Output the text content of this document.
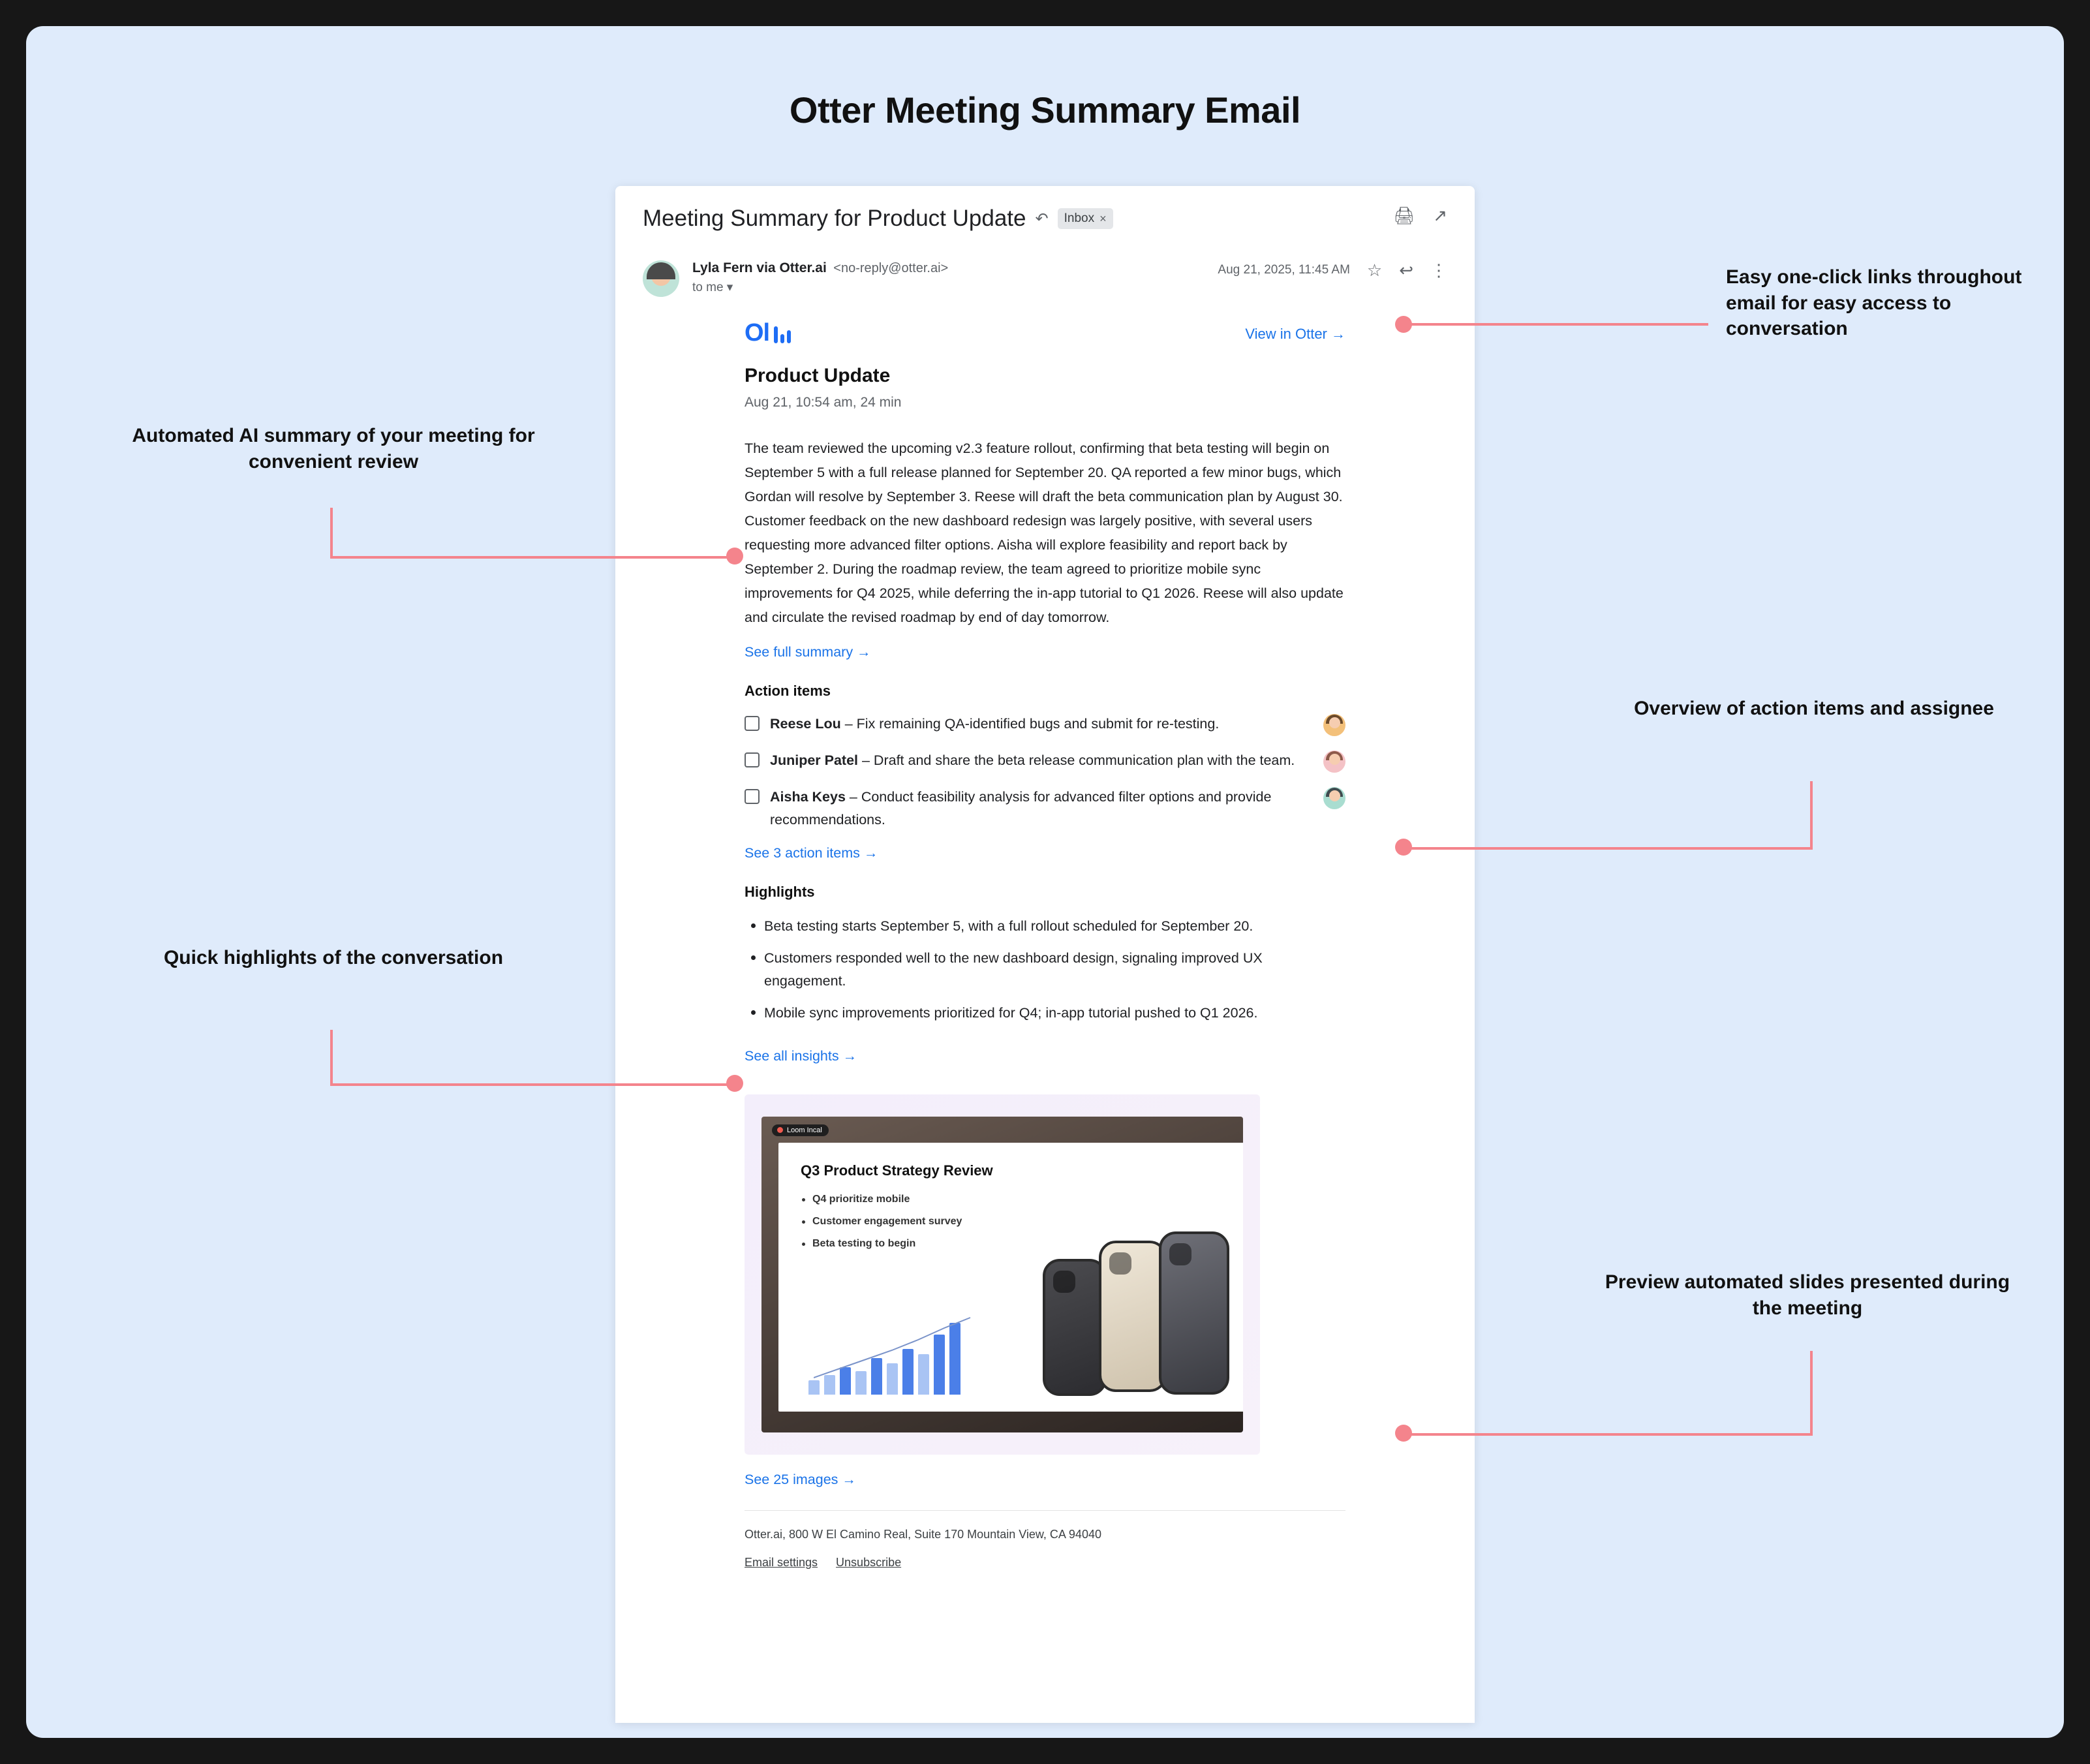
Otter Meeting Summary Email
Meeting Summary for Product Update ↶ Inbox ×	🖨 ↗
Lyla Fern via Otter.ai <no-reply@otter.ai>
to me ▾
Aug 21, 2025, 11:45 AM ☆ ↩ ⋮
Ol	View in Otter →
Product Update
Aug 21, 10:54 am, 24 min
The team reviewed the upcoming v2.3 feature rollout, confirming that beta testing will begin on September 5 with a full release planned for September 20. QA reported a few minor bugs, which Gordan will resolve by September 3. Reese will draft the beta communication plan by August 30. Customer feedback on the new dashboard redesign was largely positive, with several users requesting more advanced filter options. Aisha will explore feasibility and report back by September 2. During the roadmap review, the team agreed to prioritize mobile sync improvements for Q4 2025, while deferring the in-app tutorial to Q1 2026. Reese will also update and circulate the revised roadmap by end of day tomorrow.
See full summary →
Action items
Reese Lou – Fix remaining QA-identified bugs and submit for re-testing.
Juniper Patel – Draft and share the beta release communication plan with the team.
Aisha Keys – Conduct feasibility analysis for advanced filter options and provide recommendations.
See 3 action items →
Highlights
Beta testing starts September 5, with a full rollout scheduled for September 20.
Customers responded well to the new dashboard design, signaling improved UX engagement.
Mobile sync improvements prioritized for Q4; in-app tutorial pushed to Q1 2026.
See all insights →
Loom Incal
Q3 Product Strategy Review
Q4 prioritize mobile
Customer engagement survey
Beta testing to begin
See 25 images →
Otter.ai, 800 W El Camino Real, Suite 170 Mountain View, CA 94040
Email settings Unsubscribe
Easy one-click links throughout email for easy access to conversation
Automated AI summary of your meeting for convenient review
Overview of action items and assignee
Quick highlights of the conversation
Preview automated slides presented during the meeting
